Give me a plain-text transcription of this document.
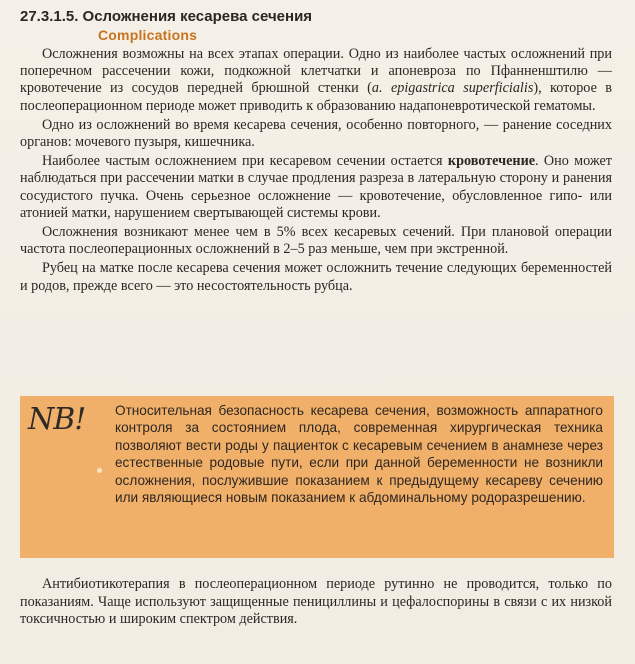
27.3.1.5. Осложнения кесарева сечения
Complications

Осложнения возможны на всех этапах операции. Одно из наиболее частых осложнений при поперечном рассечении кожи, подкожной клетчатки и апоневроза по Пфанненштилю — кровотечение из сосудов передней брюшной стенки (a. epigastrica superficialis), которое в послеоперационном периоде может приводить к образованию надапоневротической гематомы.

Одно из осложнений во время кесарева сечения, особенно повторного, — ранение соседних органов: мочевого пузыря, кишечника.

Наиболее частым осложнением при кесаревом сечении остается кровотечение. Оно может наблюдаться при рассечении матки в случае продления разреза в латеральную сторону и ранения сосудистого пучка. Очень серьезное осложнение — кровотечение, обусловленное гипо- или атонией матки, нарушением свертывающей системы крови.

Осложнения возникают менее чем в 5% всех кесаревых сечений. При плановой операции частота послеоперационных осложнений в 2–5 раз меньше, чем при экстренной.

Рубец на матке после кесарева сечения может осложнить течение следующих беременностей и родов, прежде всего — это несостоятельность рубца.

NB! Относительная безопасность кесарева сечения, возможность аппаратного контроля за состоянием плода, современная хирургическая техника позволяют вести роды у пациенток с кесаревым сечением в анамнезе через естественные родовые пути, если при данной беременности не возникли осложнения, послужившие показанием к предыдущему кесареву сечению или являющиеся новым показанием к абдоминальному родоразрешению.

Антибиотикотерапия в послеоперационном периоде рутинно не проводится, только по показаниям. Чаще используют защищенные пенициллины и цефалоспорины в связи с их низкой токсичностью и широким спектром действия.
